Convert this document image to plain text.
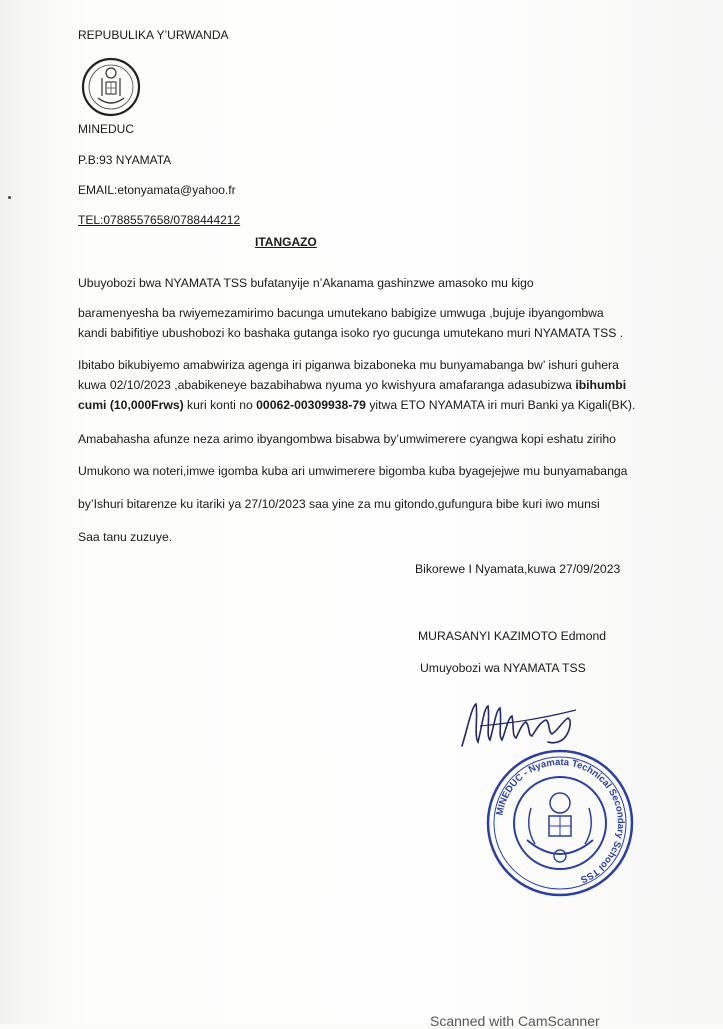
REPUBULIKA Y’URWANDA
MINEDUC
P.B:93 NYAMATA
EMAIL:etonyamata@yahoo.fr
TEL:0788557658/0788444212
ITANGAZO
Ubuyobozi bwa NYAMATA TSS bufatanyije n’Akanama gashinzwe amasoko mu kigo
baramenyesha ba rwiyemezamirimo bacunga umutekano babigize umwuga ,bujuje ibyangombwa
kandi babifitiye ubushobozi ko bashaka gutanga isoko ryo gucunga umutekano muri NYAMATA TSS .
Ibitabo bikubiyemo amabwiriza agenga iri piganwa bizaboneka mu bunyamabanga bw’ ishuri guhera
kuwa 02/10/2023 ,ababikeneye bazabihabwa nyuma yo kwishyura amafaranga adasubizwa ibihumbi
cumi (10,000Frws) kuri konti no 00062-00309938-79 yitwa ETO NYAMATA iri muri Banki ya Kigali(BK).
Amabahasha afunze neza arimo ibyangombwa bisabwa by’umwimerere cyangwa kopi eshatu ziriho
Umukono wa noteri,imwe igomba kuba ari umwimerere bigomba kuba byagejejwe mu bunyamabanga
by’Ishuri bitarenze ku itariki ya 27/10/2023 saa yine za mu gitondo,gufungura bibe kuri iwo munsi
Saa tanu zuzuye.
Bikorewe I Nyamata,kuwa 27/09/2023
MURASANYI KAZIMOTO Edmond
Umuyobozi wa NYAMATA TSS
MINEDUC - Nyamata Technical Secondary School TSS
Scanned with CamScanner
